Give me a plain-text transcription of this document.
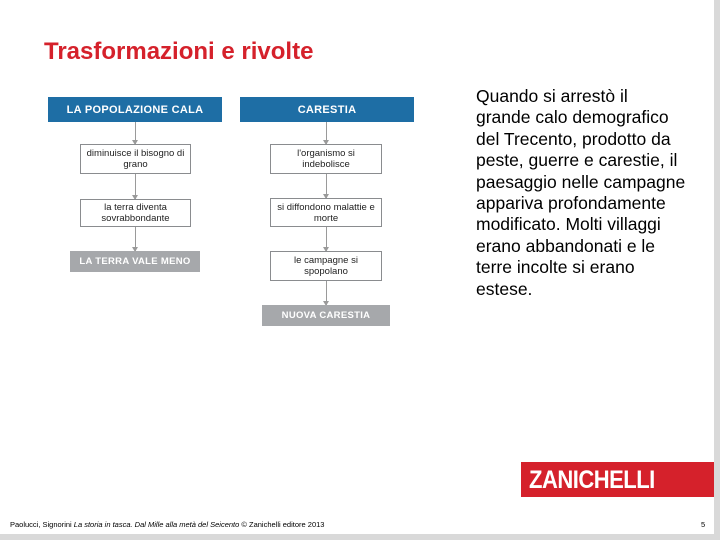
Trasformazioni e rivolte
LA POPOLAZIONE CALA
diminuisce il bisogno di grano
la terra diventa sovrabbondante
LA TERRA VALE MENO
CARESTIA
l'organismo si indebolisce
si diffondono malattie e morte
le campagne si spopolano
NUOVA CARESTIA
Quando si arrestò il grande calo demografico del Trecento, prodotto da peste, guerre e carestie, il paesaggio nelle campagne appariva profondamente modificato. Molti villaggi erano abbandonati e le terre incolte si erano estese.
ZANICHELLI
Paolucci, Signorini La storia in tasca. Dal Mille alla metà del Seicento © Zanichelli editore 2013	5
